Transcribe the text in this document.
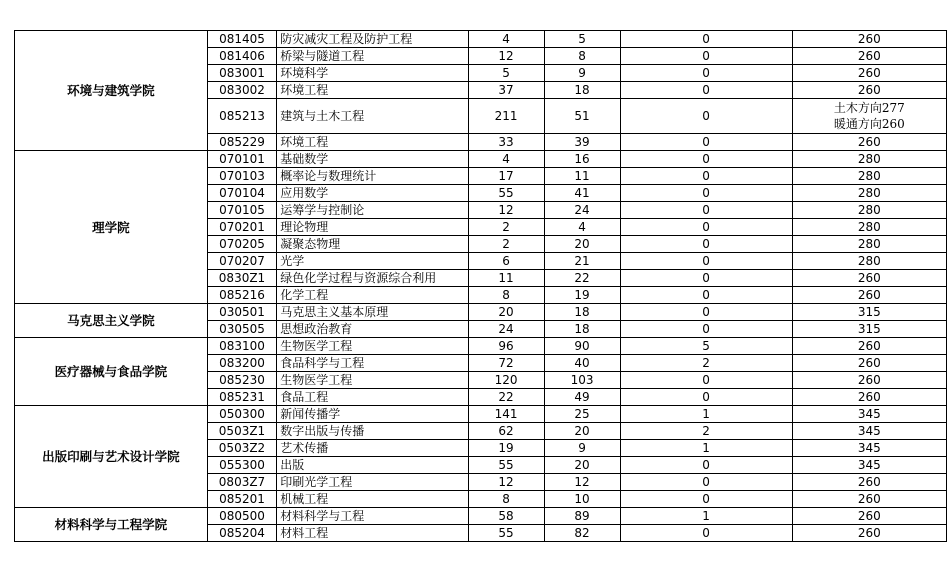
环境与建筑学院	081405	防灾减灾工程及防护工程	4	5	0	260

	081406	桥梁与隧道工程	12	8	0	260

	083001	环境科学	5	9	0	260

	083002	环境工程	37	18	0	260

	085213	建筑与土木工程	211	51	0	土木方向277
暖通方向260

	085229	环境工程	33	39	0	260

理学院	070101	基础数学	4	16	0	280

	070103	概率论与数理统计	17	11	0	280

	070104	应用数学	55	41	0	280

	070105	运筹学与控制论	12	24	0	280

	070201	理论物理	2	4	0	280

	070205	凝聚态物理	2	20	0	280

	070207	光学	6	21	0	280

	0830Z1	绿色化学过程与资源综合利用	11	22	0	260

	085216	化学工程	8	19	0	260

马克思主义学院	030501	马克思主义基本原理	20	18	0	315

	030505	思想政治教育	24	18	0	315

医疗器械与食品学院	083100	生物医学工程	96	90	5	260

	083200	食品科学与工程	72	40	2	260

	085230	生物医学工程	120	103	0	260

	085231	食品工程	22	49	0	260

出版印刷与艺术设计学院	050300	新闻传播学	141	25	1	345

	0503Z1	数字出版与传播	62	20	2	345

	0503Z2	艺术传播	19	9	1	345

	055300	出版	55	20	0	345

	0803Z7	印刷光学工程	12	12	0	260

	085201	机械工程	8	10	0	260

材料科学与工程学院	080500	材料科学与工程	58	89	1	260

	085204	材料工程	55	82	0	260
